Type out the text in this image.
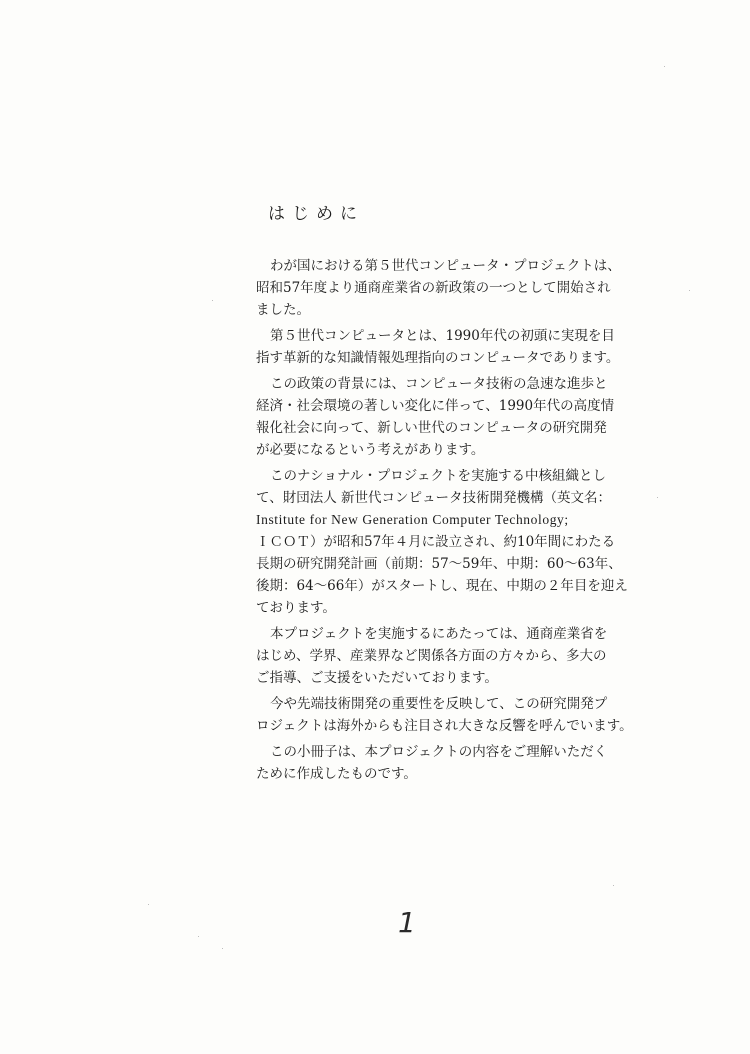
はじめに
わが国における第５世代コンピュータ・プロジェクトは、
昭和57年度より通商産業省の新政策の一つとして開始され
ました。
第５世代コンピュータとは、1990年代の初頭に実現を目
指す革新的な知識情報処理指向のコンピュータであります。
この政策の背景には、コンピュータ技術の急速な進歩と
経済・社会環境の著しい変化に伴って、1990年代の高度情
報化社会に向って、新しい世代のコンピュータの研究開発
が必要になるという考えがあります。
このナショナル・プロジェクトを実施する中核組織とし
て、財団法人 新世代コンピュータ技術開発機構（英文名：
Institute for New Generation Computer Technology;
ＩＣＯＴ）が昭和57年４月に設立され、約10年間にわたる
長期の研究開発計画（前期：57～59年、中期：60～63年、
後期：64～66年）がスタートし、現在、中期の２年目を迎え
ております。
本プロジェクトを実施するにあたっては、通商産業省を
はじめ、学界、産業界など関係各方面の方々から、多大の
ご指導、ご支援をいただいております。
今や先端技術開発の重要性を反映して、この研究開発プ
ロジェクトは海外からも注目され大きな反響を呼んでいます。
この小冊子は、本プロジェクトの内容をご理解いただく
ために作成したものです。
1
